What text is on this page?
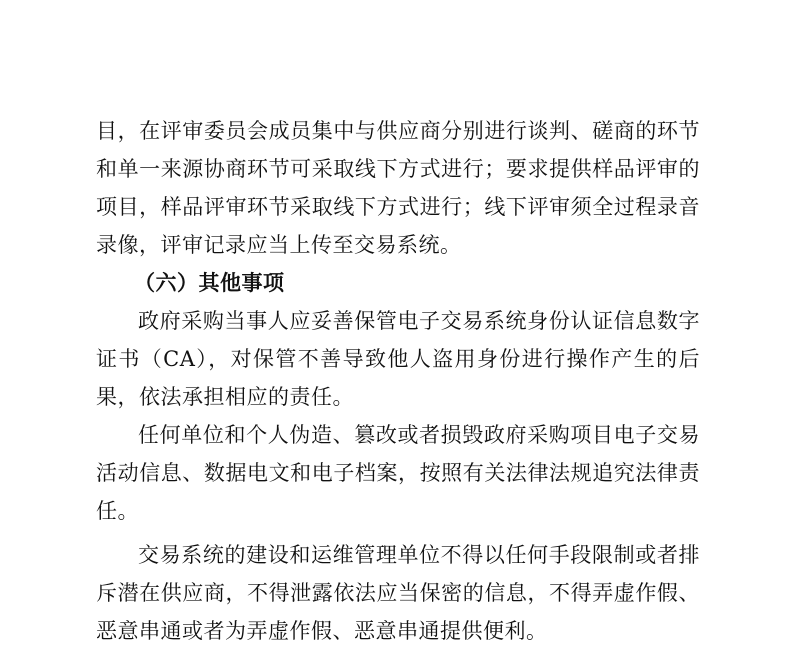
目，在评审委员会成员集中与供应商分别进行谈判、磋商的环节
和单一来源协商环节可采取线下方式进行；要求提供样品评审的
项目，样品评审环节采取线下方式进行；线下评审须全过程录音
录像，评审记录应当上传至交易系统。
（六）其他事项
政府采购当事人应妥善保管电子交易系统身份认证信息数字
证书（CA），对保管不善导致他人盗用身份进行操作产生的后
果，依法承担相应的责任。
任何单位和个人伪造、篡改或者损毁政府采购项目电子交易
活动信息、数据电文和电子档案，按照有关法律法规追究法律责
任。
交易系统的建设和运维管理单位不得以任何手段限制或者排
斥潜在供应商，不得泄露依法应当保密的信息，不得弄虚作假、
恶意串通或者为弄虚作假、恶意串通提供便利。
